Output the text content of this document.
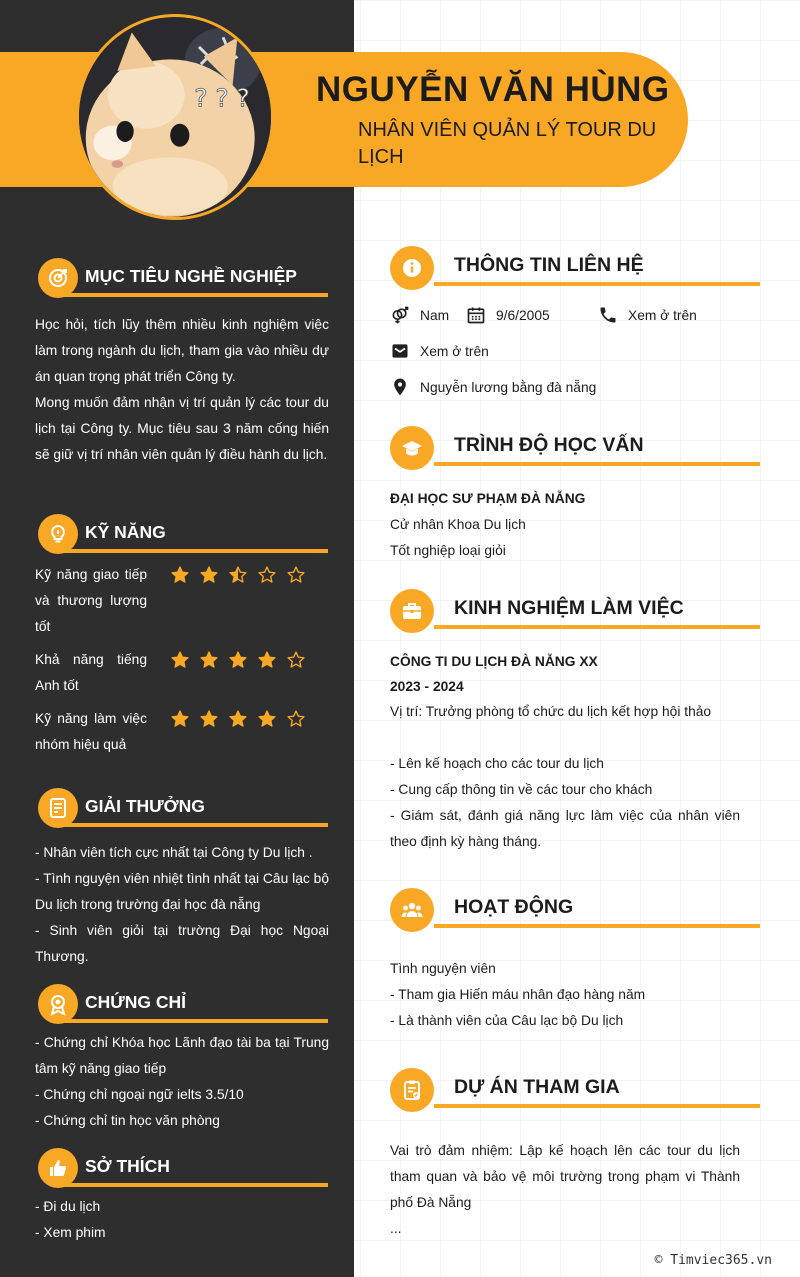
? ? ? NGUYỄN VĂN HÙNG
NHÂN VIÊN QUẢN LÝ TOUR DU LỊCH
MỤC TIÊU NGHỀ NGHIỆP

Học hỏi, tích lũy thêm nhiều kinh nghiệm việc làm trong ngành du lịch, tham gia vào nhiều dự án quan trọng phát triển Công ty.

Mong muốn đảm nhận vị trí quản lý các tour du lịch tại Công ty. Mục tiêu sau 3 năm cống hiến sẽ giữ vị trí nhân viên quản lý điều hành du lịch.

KỸ NĂNG
Kỹ năng giao tiếp và thương lượng tốt
Khả năng tiếng Anh tốt
Kỹ năng làm việc nhóm hiệu quả
GIẢI THƯỞNG

- Nhân viên tích cực nhất tại Công ty Du lịch .

- Tình nguyện viên nhiệt tình nhất tại Câu lạc bộ Du lịch trong trường đại học đà nẵng

- Sinh viên giỏi tại trường Đại học Ngoại Thương.

CHỨNG CHỈ

- Chứng chỉ Khóa học Lãnh đạo tài ba tại Trung tâm kỹ năng giao tiếp

- Chứng chỉ ngoại ngữ ielts 3.5/10

- Chứng chỉ tin học văn phòng

SỞ THÍCH

- Đi du lịch

- Xem phim

THÔNG TIN LIÊN HỆ
Nam	9/6/2005	Xem ở trên
Xem ở trên
Nguyễn lương bằng đà nẵng
TRÌNH ĐỘ HỌC VẤN

ĐẠI HỌC SƯ PHẠM ĐÀ NẴNG

Cử nhân Khoa Du lịch

Tốt nghiệp loại giỏi

KINH NGHIỆM LÀM VIỆC

CÔNG TI DU LỊCH ĐÀ NẴNG XX

2023 - 2024

Vị trí: Trưởng phòng tổ chức du lịch kết hợp hội thảo

- Lên kế hoạch cho các tour du lịch

- Cung cấp thông tin về các tour cho khách

- Giám sát, đánh giá năng lực làm việc của nhân viên theo định kỳ hàng tháng.

HOẠT ĐỘNG

Tình nguyện viên

- Tham gia Hiến máu nhân đạo hàng năm

- Là thành viên của Câu lạc bộ Du lịch

DỰ ÁN THAM GIA

Vai trò đảm nhiệm: Lập kế hoạch lên các tour du lịch tham quan và bảo vệ môi trường trong phạm vi Thành phố Đà Nẵng

...

© Timviec365.vn
